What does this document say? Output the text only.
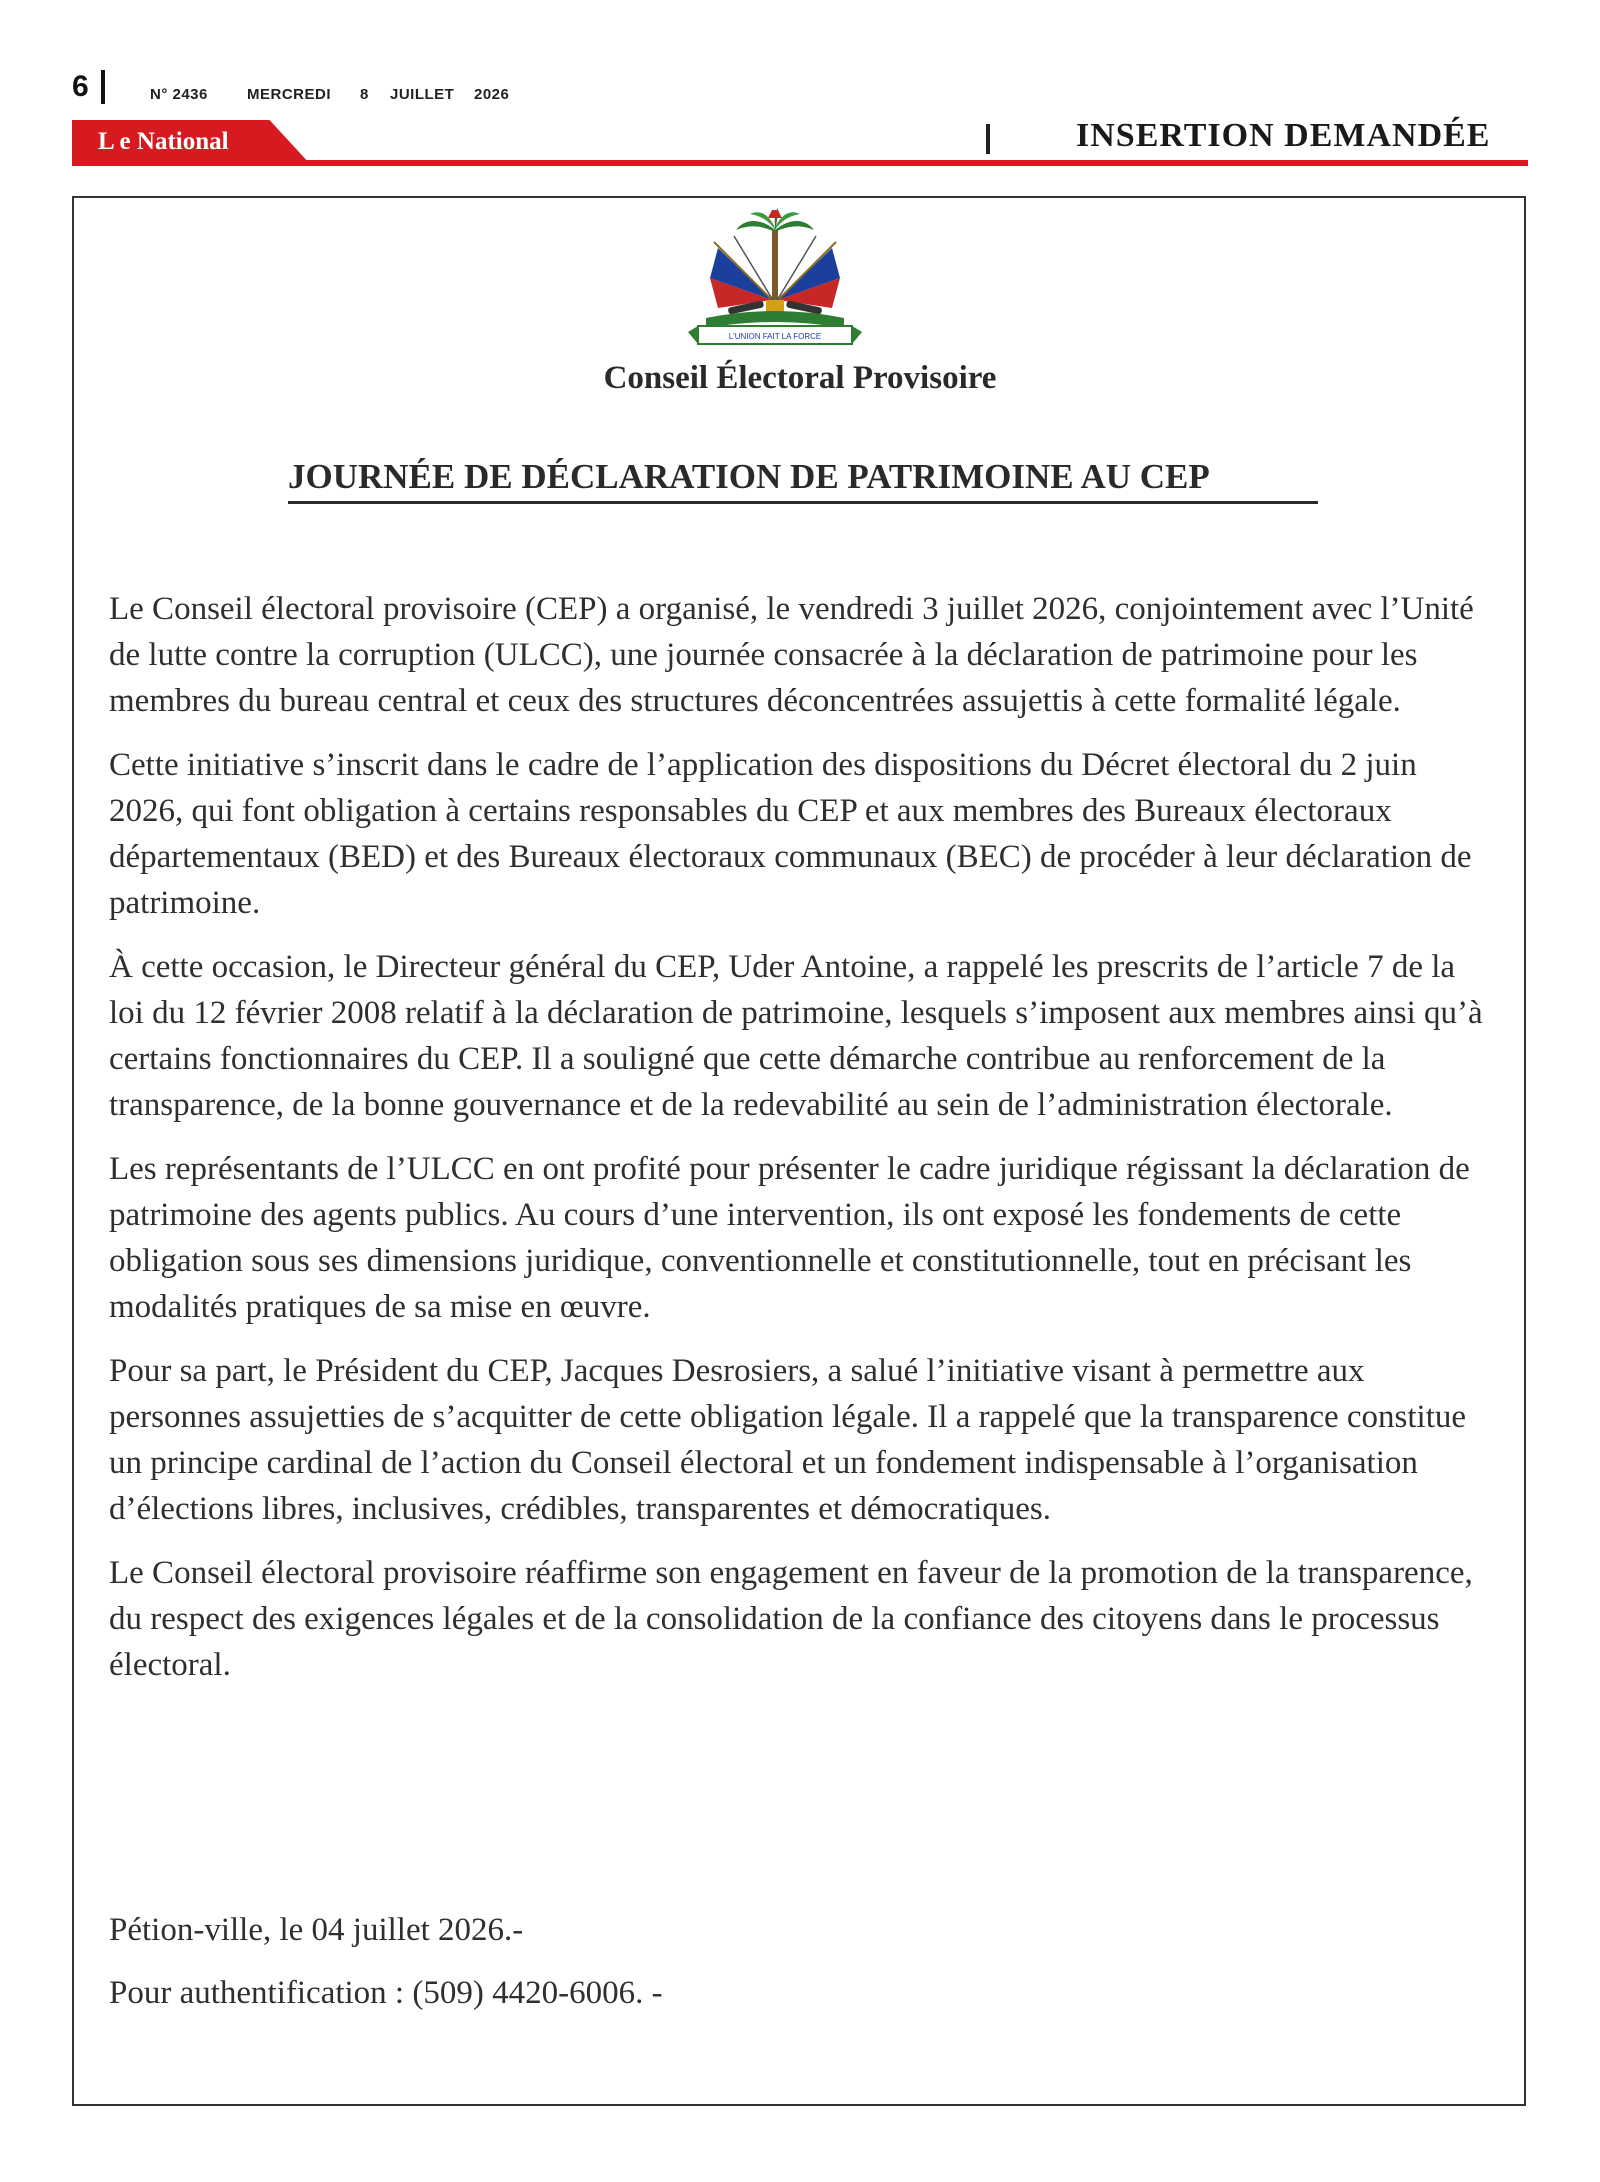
6	N° 2436	MERCREDI 8 JUILLET 2026
L e National	INSERTION DEMANDÉE
L'UNION FAIT LA FORCE
Conseil Électoral Provisoire
JOURNÉE DE DÉCLARATION DE PATRIMOINE AU CEP

Le Conseil électoral provisoire (CEP) a organisé, le vendredi 3 juillet 2026, conjointement avec l’Unité de lutte contre la corruption (ULCC), une journée consacrée à la déclaration de patrimoine pour les membres du bureau central et ceux des structures déconcentrées assujettis à cette formalité légale.

Cette initiative s’inscrit dans le cadre de l’application des dispositions du Décret électoral du 2 juin 2026, qui font obligation à certains responsables du CEP et aux membres des Bureaux électoraux départementaux (BED) et des Bureaux électoraux communaux (BEC) de procéder à leur déclaration de patrimoine.

À cette occasion, le Directeur général du CEP, Uder Antoine, a rappelé les prescrits de l’article 7 de la loi du 12 février 2008 relatif à la déclaration de patrimoine, lesquels s’imposent aux membres ainsi qu’à certains fonctionnaires du CEP. Il a souligné que cette démarche contribue au renforcement de la transparence, de la bonne gouvernance et de la redevabilité au sein de l’administration électorale.

Les représentants de l’ULCC en ont profité pour présenter le cadre juridique régissant la déclaration de patrimoine des agents publics. Au cours d’une intervention, ils ont exposé les fondements de cette obligation sous ses dimensions juridique, conventionnelle et constitutionnelle, tout en précisant les modalités pratiques de sa mise en œuvre.

Pour sa part, le Président du CEP, Jacques Desrosiers, a salué l’initiative visant à permettre aux personnes assujetties de s’acquitter de cette obligation légale. Il a rappelé que la transparence constitue un principe cardinal de l’action du Conseil électoral et un fondement indispensable à l’organisation d’élections libres, inclusives, crédibles, transparentes et démocratiques.

Le Conseil électoral provisoire réaffirme son engagement en faveur de la promotion de la transparence, du respect des exigences légales et de la consolidation de la confiance des citoyens dans le processus électoral.

Pétion-ville, le 04 juillet 2026.-
Pour authentification : (509) 4420-6006. -
